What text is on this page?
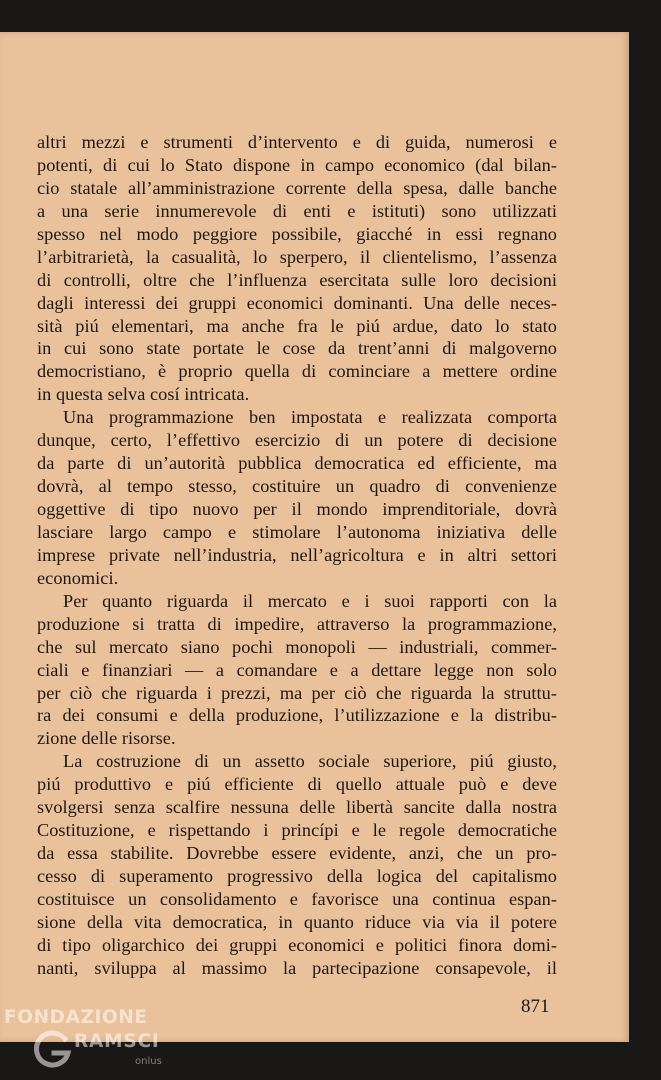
altri mezzi e strumenti d’intervento e di guida, numerosi e
potenti, di cui lo Stato dispone in campo economico (dal bilan-
cio statale all’amministrazione corrente della spesa, dalle banche
a una serie innumerevole di enti e istituti) sono utilizzati
spesso nel modo peggiore possibile, giacché in essi regnano
l’arbitrarietà, la casualità, lo sperpero, il clientelismo, l’assenza
di controlli, oltre che l’influenza esercitata sulle loro decisioni
dagli interessi dei gruppi economici dominanti. Una delle neces-
sità piú elementari, ma anche fra le piú ardue, dato lo stato
in cui sono state portate le cose da trent’anni di malgoverno
democristiano, è proprio quella di cominciare a mettere ordine
in questa selva cosí intricata.
Una programmazione ben impostata e realizzata comporta
dunque, certo, l’effettivo esercizio di un potere di decisione
da parte di un’autorità pubblica democratica ed efficiente, ma
dovrà, al tempo stesso, costituire un quadro di convenienze
oggettive di tipo nuovo per il mondo imprenditoriale, dovrà
lasciare largo campo e stimolare l’autonoma iniziativa delle
imprese private nell’industria, nell’agricoltura e in altri settori
economici.
Per quanto riguarda il mercato e i suoi rapporti con la
produzione si tratta di impedire, attraverso la programmazione,
che sul mercato siano pochi monopoli — industriali, commer-
ciali e finanziari — a comandare e a dettare legge non solo
per ciò che riguarda i prezzi, ma per ciò che riguarda la struttu-
ra dei consumi e della produzione, l’utilizzazione e la distribu-
zione delle risorse.
La costruzione di un assetto sociale superiore, piú giusto,
piú produttivo e piú efficiente di quello attuale può e deve
svolgersi senza scalfire nessuna delle libertà sancite dalla nostra
Costituzione, e rispettando i princípi e le regole democratiche
da essa stabilite. Dovrebbe essere evidente, anzi, che un pro-
cesso di superamento progressivo della logica del capitalismo
costituisce un consolidamento e favorisce una continua espan-
sione della vita democratica, in quanto riduce via via il potere
di tipo oligarchico dei gruppi economici e politici finora domi-
nanti, sviluppa al massimo la partecipazione consapevole, il
871
FONDAZIONE
RAMSCI
onlus
